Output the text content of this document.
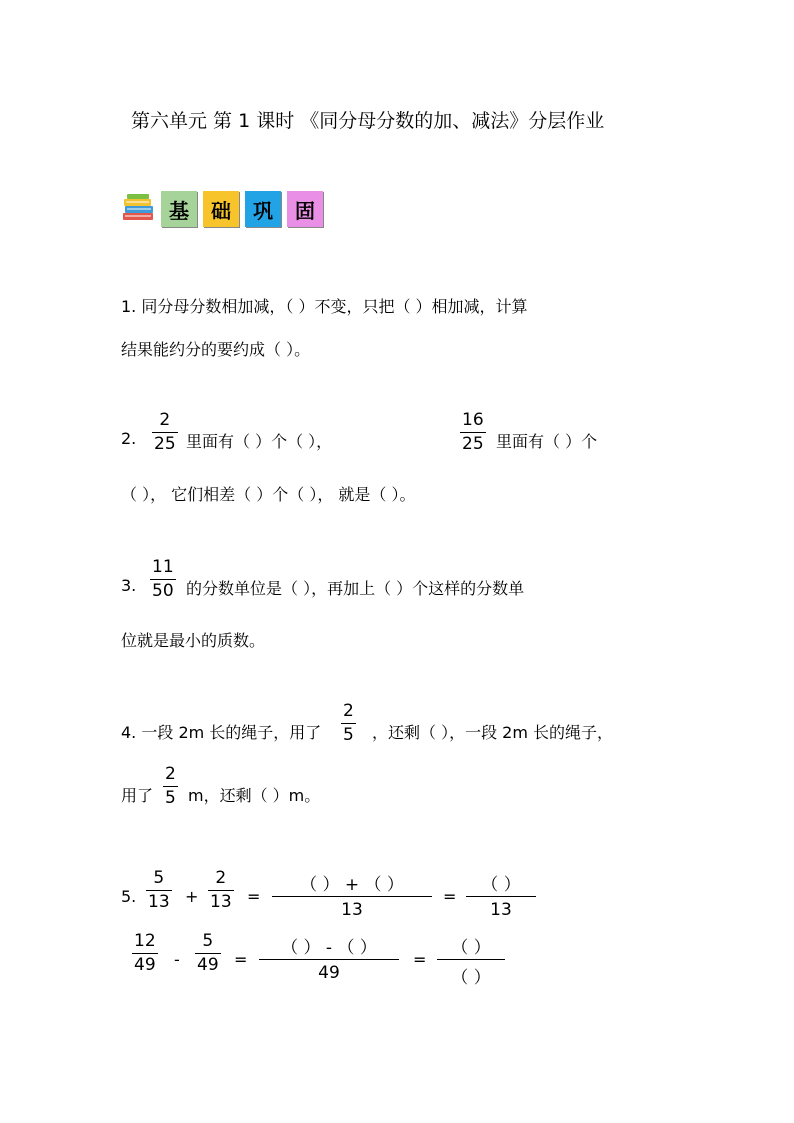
第六单元 第 1 课时 《同分母分数的加、减法》分层作业
基	础	巩	固
1. 同分母分数相加减，（ ）不变，只把（ ）相加减，计算
结果能约分的要约成（ ）。
2.
2
25 里面有（ ）个（ ），
16
25 里面有（ ）个
（ ）， 它们相差（ ）个（ ）， 就是（ ）。
3.
11
50 的分数单位是（ ），再加上（ ）个这样的分数单
位就是最小的质数。
4. 一段 2m 长的绳子，用了
2
5 ，还剩（ ），一段 2m 长的绳子，
用了
2
5 m，还剩（ ）m。
5.
5
13 +
2
13 =
（ ） + （ ）
13
=
（ ）
13
12
49 -
5
49 =
（ ） - （ ）
49
=
（ ）
（ ）
